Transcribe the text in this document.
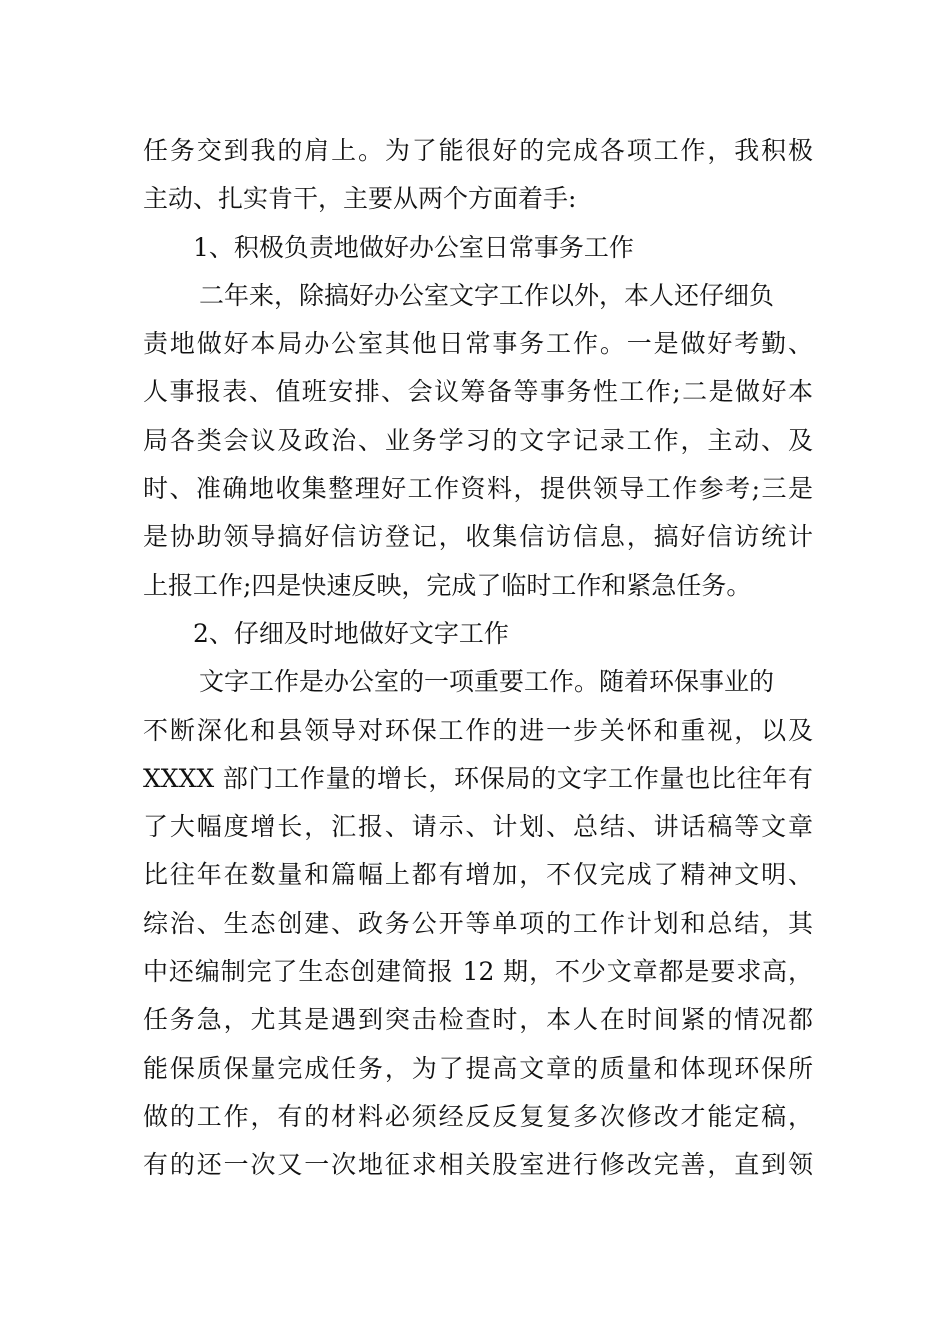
任务交到我的肩上。为了能很好的完成各项工作，我积极
主动、扎实肯干，主要从两个方面着手:
1、积极负责地做好办公室日常事务工作
二年来，除搞好办公室文字工作以外，本人还仔细负
责地做好本局办公室其他日常事务工作。一是做好考勤、
人事报表、值班安排、会议筹备等事务性工作;二是做好本
局各类会议及政治、业务学习的文字记录工作，主动、及
时、准确地收集整理好工作资料，提供领导工作参考;三是
是协助领导搞好信访登记，收集信访信息，搞好信访统计
上报工作;四是快速反映，完成了临时工作和紧急任务。
2、仔细及时地做好文字工作
文字工作是办公室的一项重要工作。随着环保事业的
不断深化和县领导对环保工作的进一步关怀和重视，以及
XXXX 部门工作量的增长，环保局的文字工作量也比往年有
了大幅度增长，汇报、请示、计划、总结、讲话稿等文章
比往年在数量和篇幅上都有增加，不仅完成了精神文明、
综治、生态创建、政务公开等单项的工作计划和总结，其
中还编制完了生态创建简报 12 期，不少文章都是要求高，
任务急，尤其是遇到突击检查时，本人在时间紧的情况都
能保质保量完成任务，为了提高文章的质量和体现环保所
做的工作，有的材料必须经反反复复多次修改才能定稿，
有的还一次又一次地征求相关股室进行修改完善，直到领
